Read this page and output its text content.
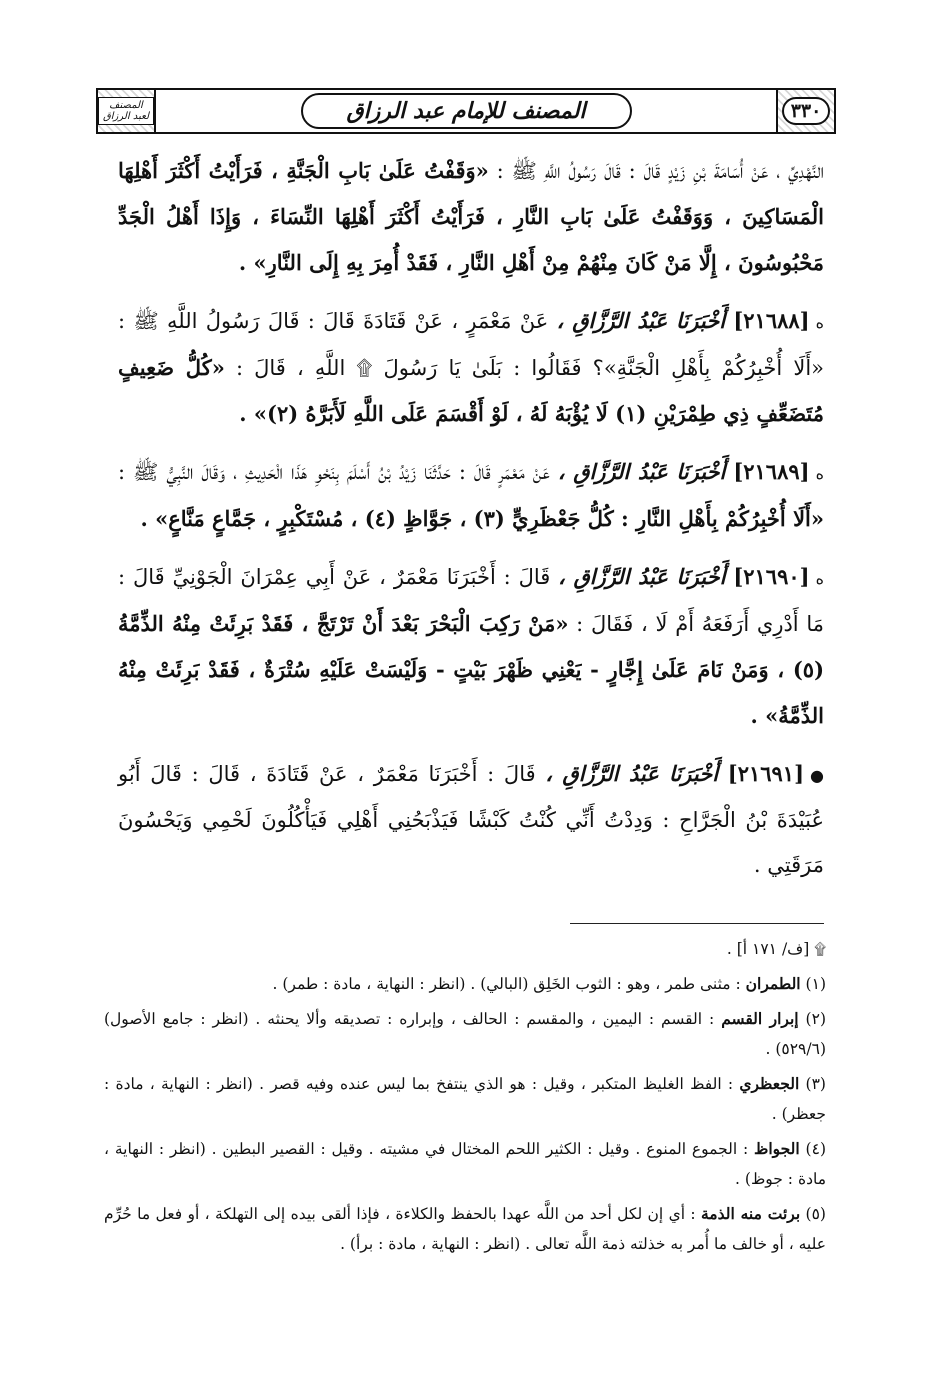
٣٣٠
المصنف للإمام عبد الرزاق
المصنف لعبد الرزاق

النَّهْدِيِّ ، عَنْ أُسَامَةَ بْنِ زَيْدٍ قَالَ : قَالَ رَسُولُ اللَّهِ ﷺ : «وَقَفْتُ عَلَىٰ بَابِ الْجَنَّةِ ، فَرَأَيْتُ أَكْثَرَ أَهْلِهَا الْمَسَاكِينَ ، وَوَقَفْتُ عَلَىٰ بَابِ النَّارِ ، فَرَأَيْتُ أَكْثَرَ أَهْلِهَا النِّسَاءَ ، وَإِذَا أَهْلُ الْجَدِّ مَحْبُوسُونَ ، إِلَّا مَنْ كَانَ مِنْهُمْ مِنْ أَهْلِ النَّارِ ، فَقَدْ أُمِرَ بِهِ إِلَى النَّارِ» .

ه[٢١٦٨٨] أَخْبَرَنَا عَبْدُ الرَّزَّاقِ ، عَنْ مَعْمَرٍ ، عَنْ قَتَادَةَ قَالَ : قَالَ رَسُولُ اللَّهِ ﷺ : «أَلَا أُخْبِرُكُمْ بِأَهْلِ الْجَنَّةِ»؟ فَقَالُوا : بَلَىٰ يَا رَسُولَ ۩ اللَّهِ ، قَالَ : «كُلُّ ضَعِيفٍ مُتَضَعِّفٍ ذِي طِمْرَيْنِ (١) لَا يُؤْبَهُ لَهُ ، لَوْ أَقْسَمَ عَلَى اللَّهِ لَأَبَرَّهُ (٢)» .

ه[٢١٦٨٩] أَخْبَرَنَا عَبْدُ الرَّزَّاقِ ، عَنْ مَعْمَرٍ قَالَ : حَدَّثَنَا زَيْدُ بْنُ أَسْلَمَ بِنَحْوِ هَذَا الْحَدِيثِ ، وَقَالَ النَّبِيُّ ﷺ : «أَلَا أُخْبِرُكُمْ بِأَهْلِ النَّارِ : كُلُّ جَعْظَرِيٍّ (٣) ، جَوَّاظٍ (٤) ، مُسْتَكْبِرٍ ، جَمَّاعٍ مَنَّاعٍ» .

ه[٢١٦٩٠] أَخْبَرَنَا عَبْدُ الرَّزَّاقِ ، قَالَ : أَخْبَرَنَا مَعْمَرٌ ، عَنْ أَبِي عِمْرَانَ الْجَوْنِيِّ قَالَ : مَا أَدْرِي أَرَفَعَهُ أَمْ لَا ، فَقَالَ : «مَنْ رَكِبَ الْبَحْرَ بَعْدَ أَنْ تَرْتَجَّ ، فَقَدْ بَرِئَتْ مِنْهُ الذِّمَّةُ (٥) ، وَمَنْ نَامَ عَلَىٰ إِجَّارٍ - يَعْنِي ظَهْرَ بَيْتٍ - وَلَيْسَتْ عَلَيْهِ سُتْرَةٌ ، فَقَدْ بَرِئَتْ مِنْهُ الذِّمَّةُ» .

●[٢١٦٩١] أَخْبَرَنَا عَبْدُ الرَّزَّاقِ ، قَالَ : أَخْبَرَنَا مَعْمَرٌ ، عَنْ قَتَادَةَ ، قَالَ : قَالَ أَبُو عُبَيْدَةَ بْنُ الْجَرَّاحِ : وَدِدْتُ أَنِّي كُنْتُ كَبْشًا فَيَذْبَحُنِي أَهْلِي فَيَأْكُلُونَ لَحْمِي وَيَحْسُونَ مَرَقَتِي .

۩ [ف/ ١٧١ أ] .
(١) الطمران : مثنى طمر ، وهو : الثوب الخَلِق (البالي) . (انظر : النهاية ، مادة : طمر) .
(٢) إبرار القسم : القسم : اليمين ، والمقسم : الحالف ، وإبراره : تصديقه وألا يحنثه . (انظر : جامع الأصول) (٥٢٩/٦) .
(٣) الجعظري : الفظ الغليظ المتكبر ، وقيل : هو الذي ينتفخ بما ليس عنده وفيه قصر . (انظر : النهاية ، مادة : جعظر) .
(٤) الجواظ : الجموع المنوع . وقيل : الكثير اللحم المختال في مشيته . وقيل : القصير البطين . (انظر : النهاية ، مادة : جوظ) .
(٥) برئت منه الذمة : أي إن لكل أحد من اللَّه عهدا بالحفظ والكلاءة ، فإذا ألقى بيده إلى التهلكة ، أو فعل ما حُرِّم عليه ، أو خالف ما أُمر به خذلته ذمة اللَّه تعالى . (انظر : النهاية ، مادة : برأ) .
